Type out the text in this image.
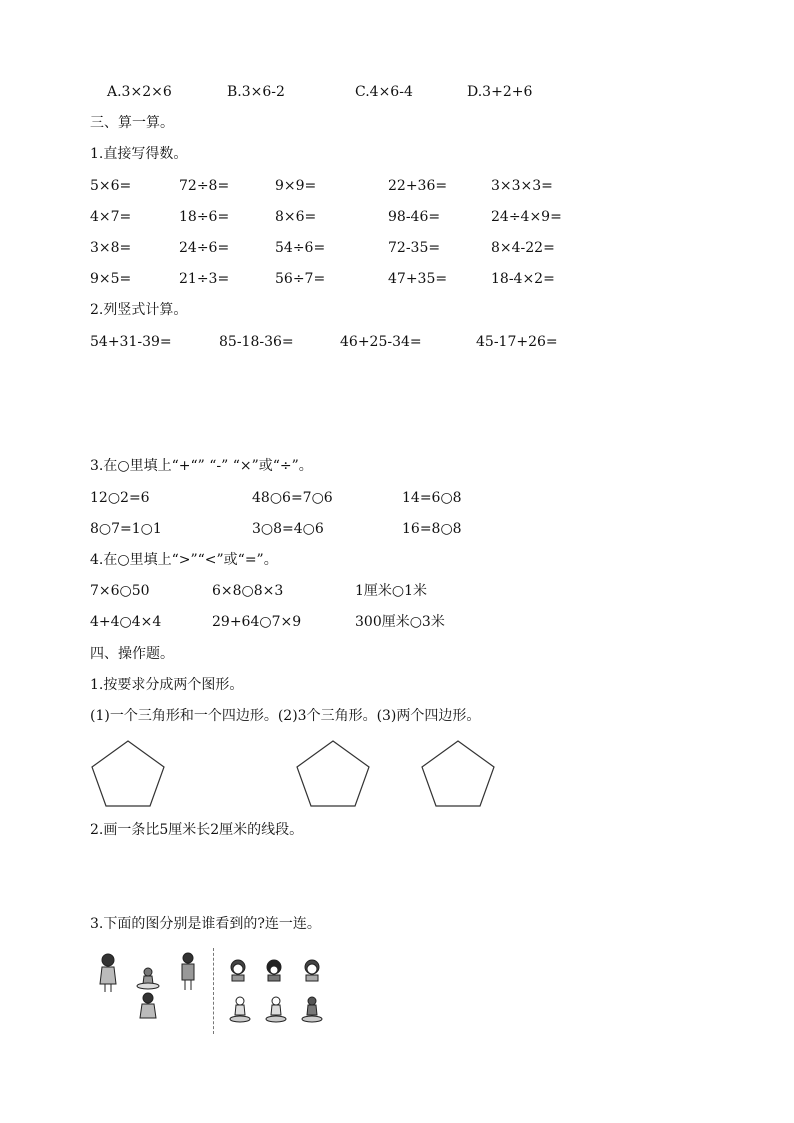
A.3×2×6	B.3×6-2	C.4×6-4	D.3+2+6
三、算一算。
1.直接写得数。
5×6=	72÷8=	9×9=	22+36=	3×3×3=
4×7=	18÷6=	8×6=	98-46=	24÷4×9=
3×8=	24÷6=	54÷6=	72-35=	8×4-22=
9×5=	21÷3=	56÷7=	47+35=	18-4×2=
2.列竖式计算。
54+31-39=	85-18-36=	46+25-34=	45-17+26=
3.在○里填上“+“” “-” “×”或“÷”。
12○2=6	48○6=7○6	14=6○8
8○7=1○1	3○8=4○6	16=8○8
4.在○里填上“>”“<”或“=”。
7×6○50	6×8○8×3	1厘米○1米
4+4○4×4	29+64○7×9	300厘米○3米
四、操作题。
1.按要求分成两个图形。
(1)一个三角形和一个四边形。(2)3个三角形。(3)两个四边形。
2.画一条比5厘米长2厘米的线段。
3.下面的图分别是谁看到的?连一连。
